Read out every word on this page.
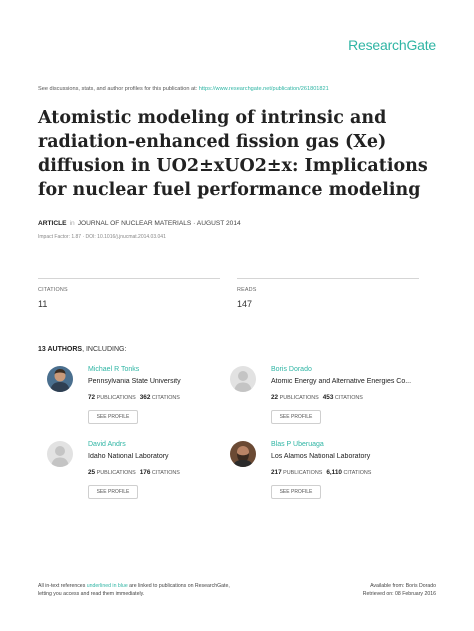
ResearchGate
See discussions, stats, and author profiles for this publication at: https://www.researchgate.net/publication/261801821
Atomistic modeling of intrinsic and radiation-enhanced fission gas (Xe) diffusion in UO2±xUO2±x: Implications for nuclear fuel performance modeling
ARTICLE in JOURNAL OF NUCLEAR MATERIALS · AUGUST 2014
Impact Factor: 1.87 · DOI: 10.1016/j.jnucmat.2014.03.041
CITATIONS
11
READS
147
13 AUTHORS, INCLUDING:
Michael R Tonks
Pennsylvania State University
72 PUBLICATIONS 362 CITATIONS
SEE PROFILE
Boris Dorado
Atomic Energy and Alternative Energies Co...
22 PUBLICATIONS 453 CITATIONS
SEE PROFILE
David Andrs
Idaho National Laboratory
25 PUBLICATIONS 176 CITATIONS
SEE PROFILE
Blas P Uberuaga
Los Alamos National Laboratory
217 PUBLICATIONS 6,110 CITATIONS
SEE PROFILE
All in-text references underlined in blue are linked to publications on ResearchGate,
letting you access and read them immediately.
Available from: Boris Dorado
Retrieved on: 08 February 2016
